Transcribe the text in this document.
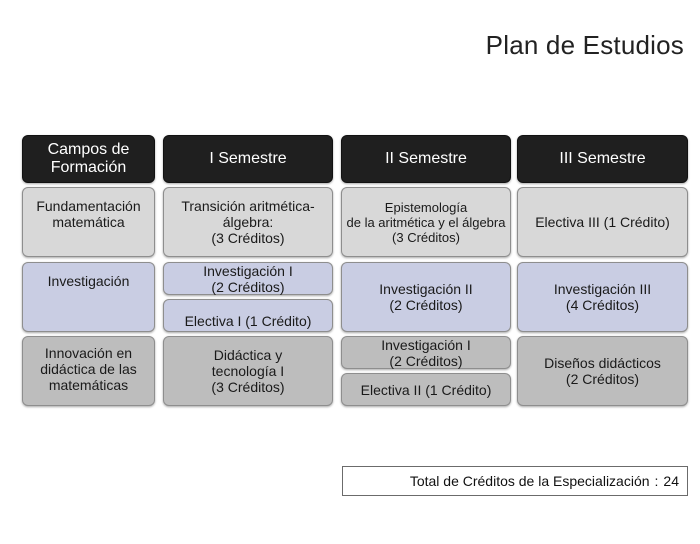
Plan de Estudios
Campos de
Formación
I Semestre	II Semestre	III Semestre
Fundamentación
matemática
Investigación
Innovación en
didáctica de las
matemáticas
Transición aritmética-
álgebra:
(3 Créditos)
Investigación I
(2 Créditos)
Electiva I (1 Crédito)
Didáctica y
tecnología I
(3 Créditos)
Epistemología
de la aritmética y el álgebra
(3 Créditos)
Investigación II
(2 Créditos)
Investigación I
(2 Créditos)
Electiva II (1 Crédito)
Electiva III (1 Crédito)
Investigación III
(4 Créditos)
Diseños didácticos
(2 Créditos)
Total de Créditos de la Especialización : 24
